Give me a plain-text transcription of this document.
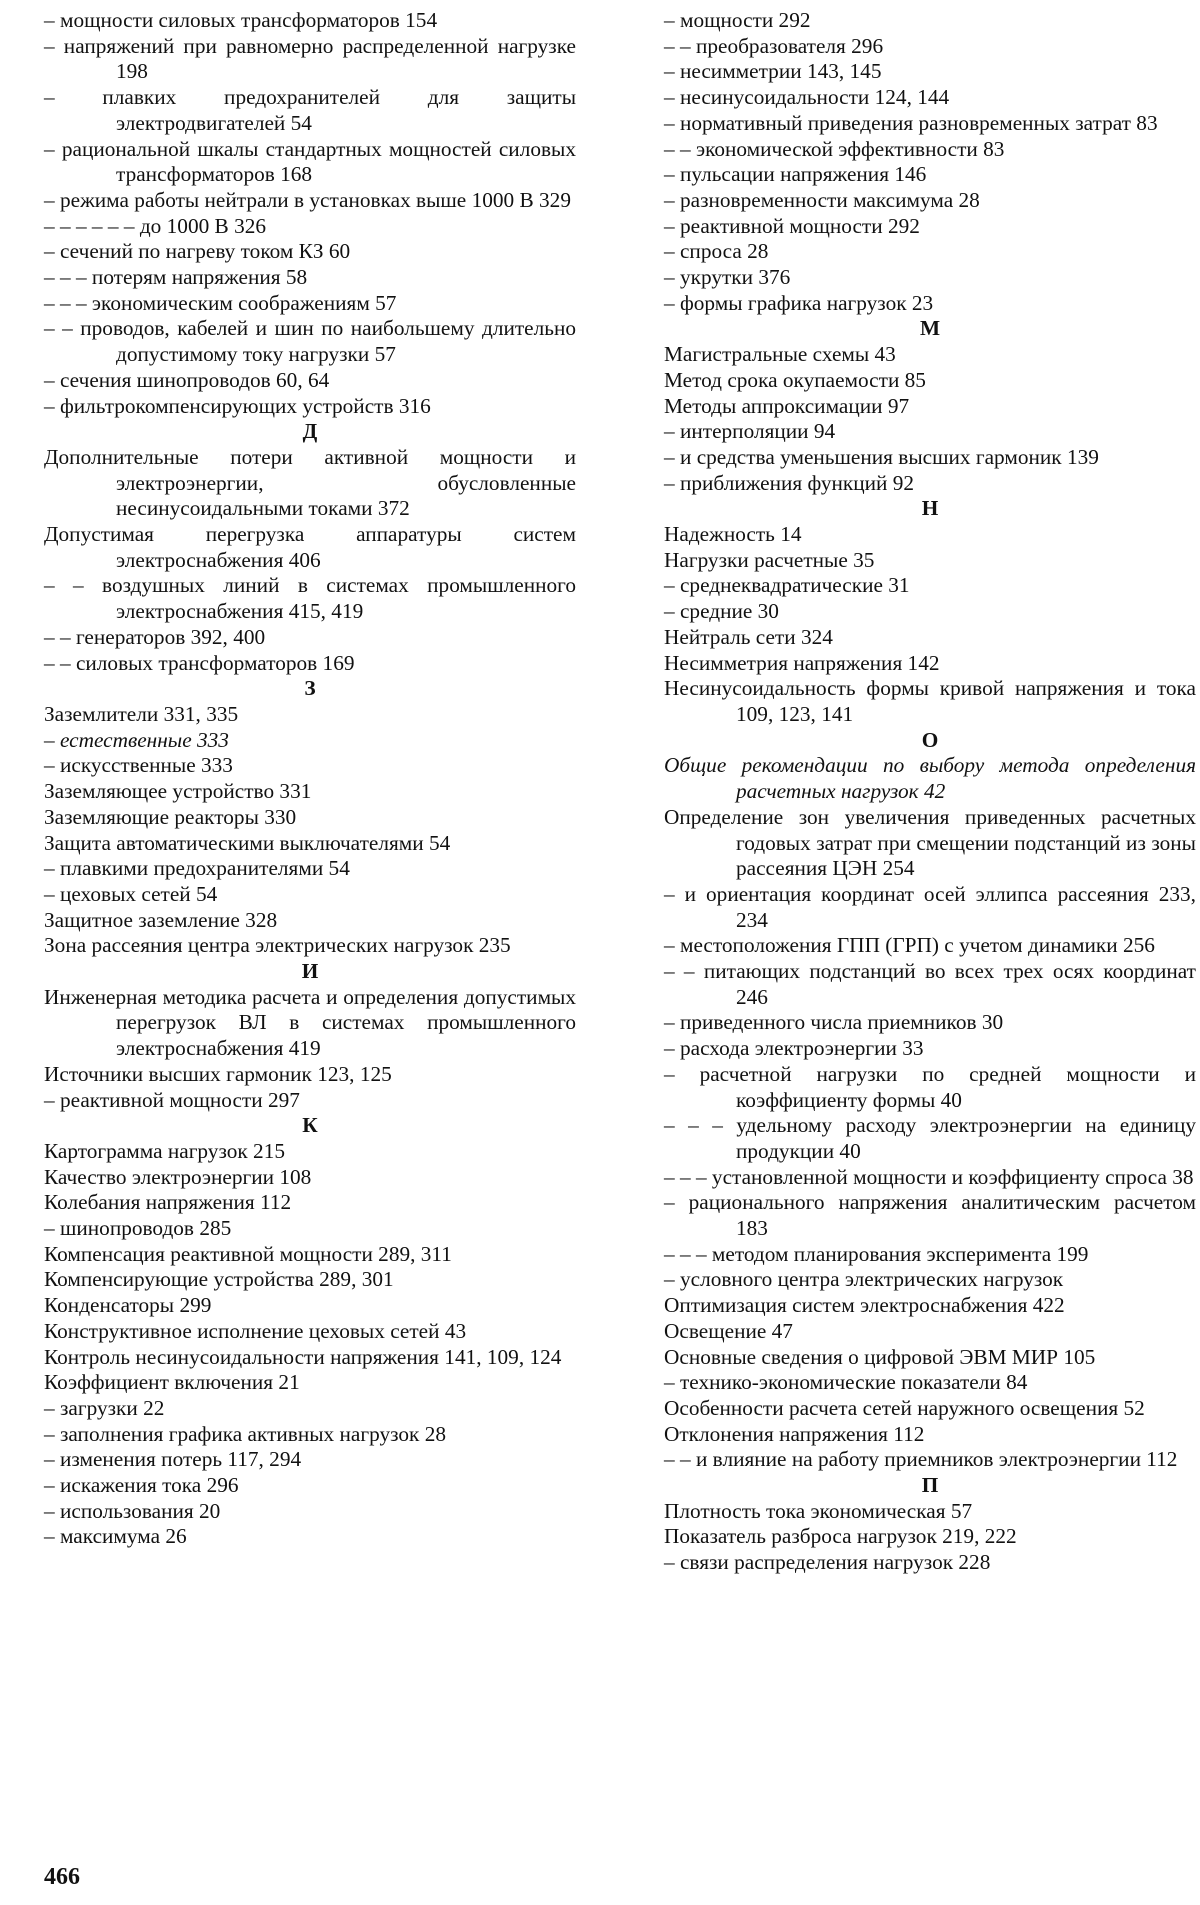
– мощности силовых трансформаторов 154
– напряжений при равномерно распределенной нагрузке 198
– плавких предохранителей для защиты электродвигателей 54
– рациональной шкалы стандартных мощностей силовых трансформаторов 168
– режима работы нейтрали в установках выше 1000 В 329
– – – – – – до 1000 В 326
– сечений по нагреву током КЗ 60
– – – потерям напряжения 58
– – – экономическим соображениям 57
– – проводов, кабелей и шин по наибольшему длительно допустимому току нагрузки 57
– сечения шинопроводов 60, 64
– фильтрокомпенсирующих устройств 316
Д
Дополнительные потери активной мощности и электроэнергии, обусловленные несинусоидальными токами 372
Допустимая перегрузка аппаратуры систем электроснабжения 406
– – воздушных линий в системах промышленного электроснабжения 415, 419
– – генераторов 392, 400
– – силовых трансформаторов 169
З
Заземлители 331, 335
– естественные 333
– искусственные 333
Заземляющее устройство 331
Заземляющие реакторы 330
Защита автоматическими выключателями 54
– плавкими предохранителями 54
– цеховых сетей 54
Защитное заземление 328
Зона рассеяния центра электрических нагрузок 235
И
Инженерная методика расчета и определения допустимых перегрузок ВЛ в системах промышленного электроснабжения 419
Источники высших гармоник 123, 125
– реактивной мощности 297
К
Картограмма нагрузок 215
Качество электроэнергии 108
Колебания напряжения 112
– шинопроводов 285
Компенсация реактивной мощности 289, 311
Компенсирующие устройства 289, 301
Конденсаторы 299
Конструктивное исполнение цеховых сетей 43
Контроль несинусоидальности напряжения 141, 109, 124
Коэффициент включения 21
– загрузки 22
– заполнения графика активных нагрузок 28
– изменения потерь 117, 294
– искажения тока 296
– использования 20
– максимума 26
– мощности 292
– – преобразователя 296
– несимметрии 143, 145
– несинусоидальности 124, 144
– нормативный приведения разновременных затрат 83
– – экономической эффективности 83
– пульсации напряжения 146
– разновременности максимума 28
– реактивной мощности 292
– спроса 28
– укрутки 376
– формы графика нагрузок 23
М
Магистральные схемы 43
Метод срока окупаемости 85
Методы аппроксимации 97
– интерполяции 94
– и средства уменьшения высших гармоник 139
– приближения функций 92
Н
Надежность 14
Нагрузки расчетные 35
– среднеквадратические 31
– средние 30
Нейтраль сети 324
Несимметрия напряжения 142
Несинусоидальность формы кривой напряжения и тока 109, 123, 141
О
Общие рекомендации по выбору метода определения расчетных нагрузок 42
Определение зон увеличения приведенных расчетных годовых затрат при смещении подстанций из зоны рассеяния ЦЭН 254
– и ориентация координат осей эллипса рассеяния 233, 234
– местоположения ГПП (ГРП) с учетом динамики 256
– – питающих подстанций во всех трех осях координат 246
– приведенного числа приемников 30
– расхода электроэнергии 33
– расчетной нагрузки по средней мощности и коэффициенту формы 40
– – – удельному расходу электроэнергии на единицу продукции 40
– – – установленной мощности и коэффициенту спроса 38
– рационального напряжения аналитическим расчетом 183
– – – методом планирования эксперимента 199
– условного центра электрических нагрузок
Оптимизация систем электроснабжения 422
Освещение 47
Основные сведения о цифровой ЭВМ МИР 105
– технико-экономические показатели 84
Особенности расчета сетей наружного освещения 52
Отклонения напряжения 112
– – и влияние на работу приемников электроэнергии 112
П
Плотность тока экономическая 57
Показатель разброса нагрузок 219, 222
– связи распределения нагрузок 228
466
